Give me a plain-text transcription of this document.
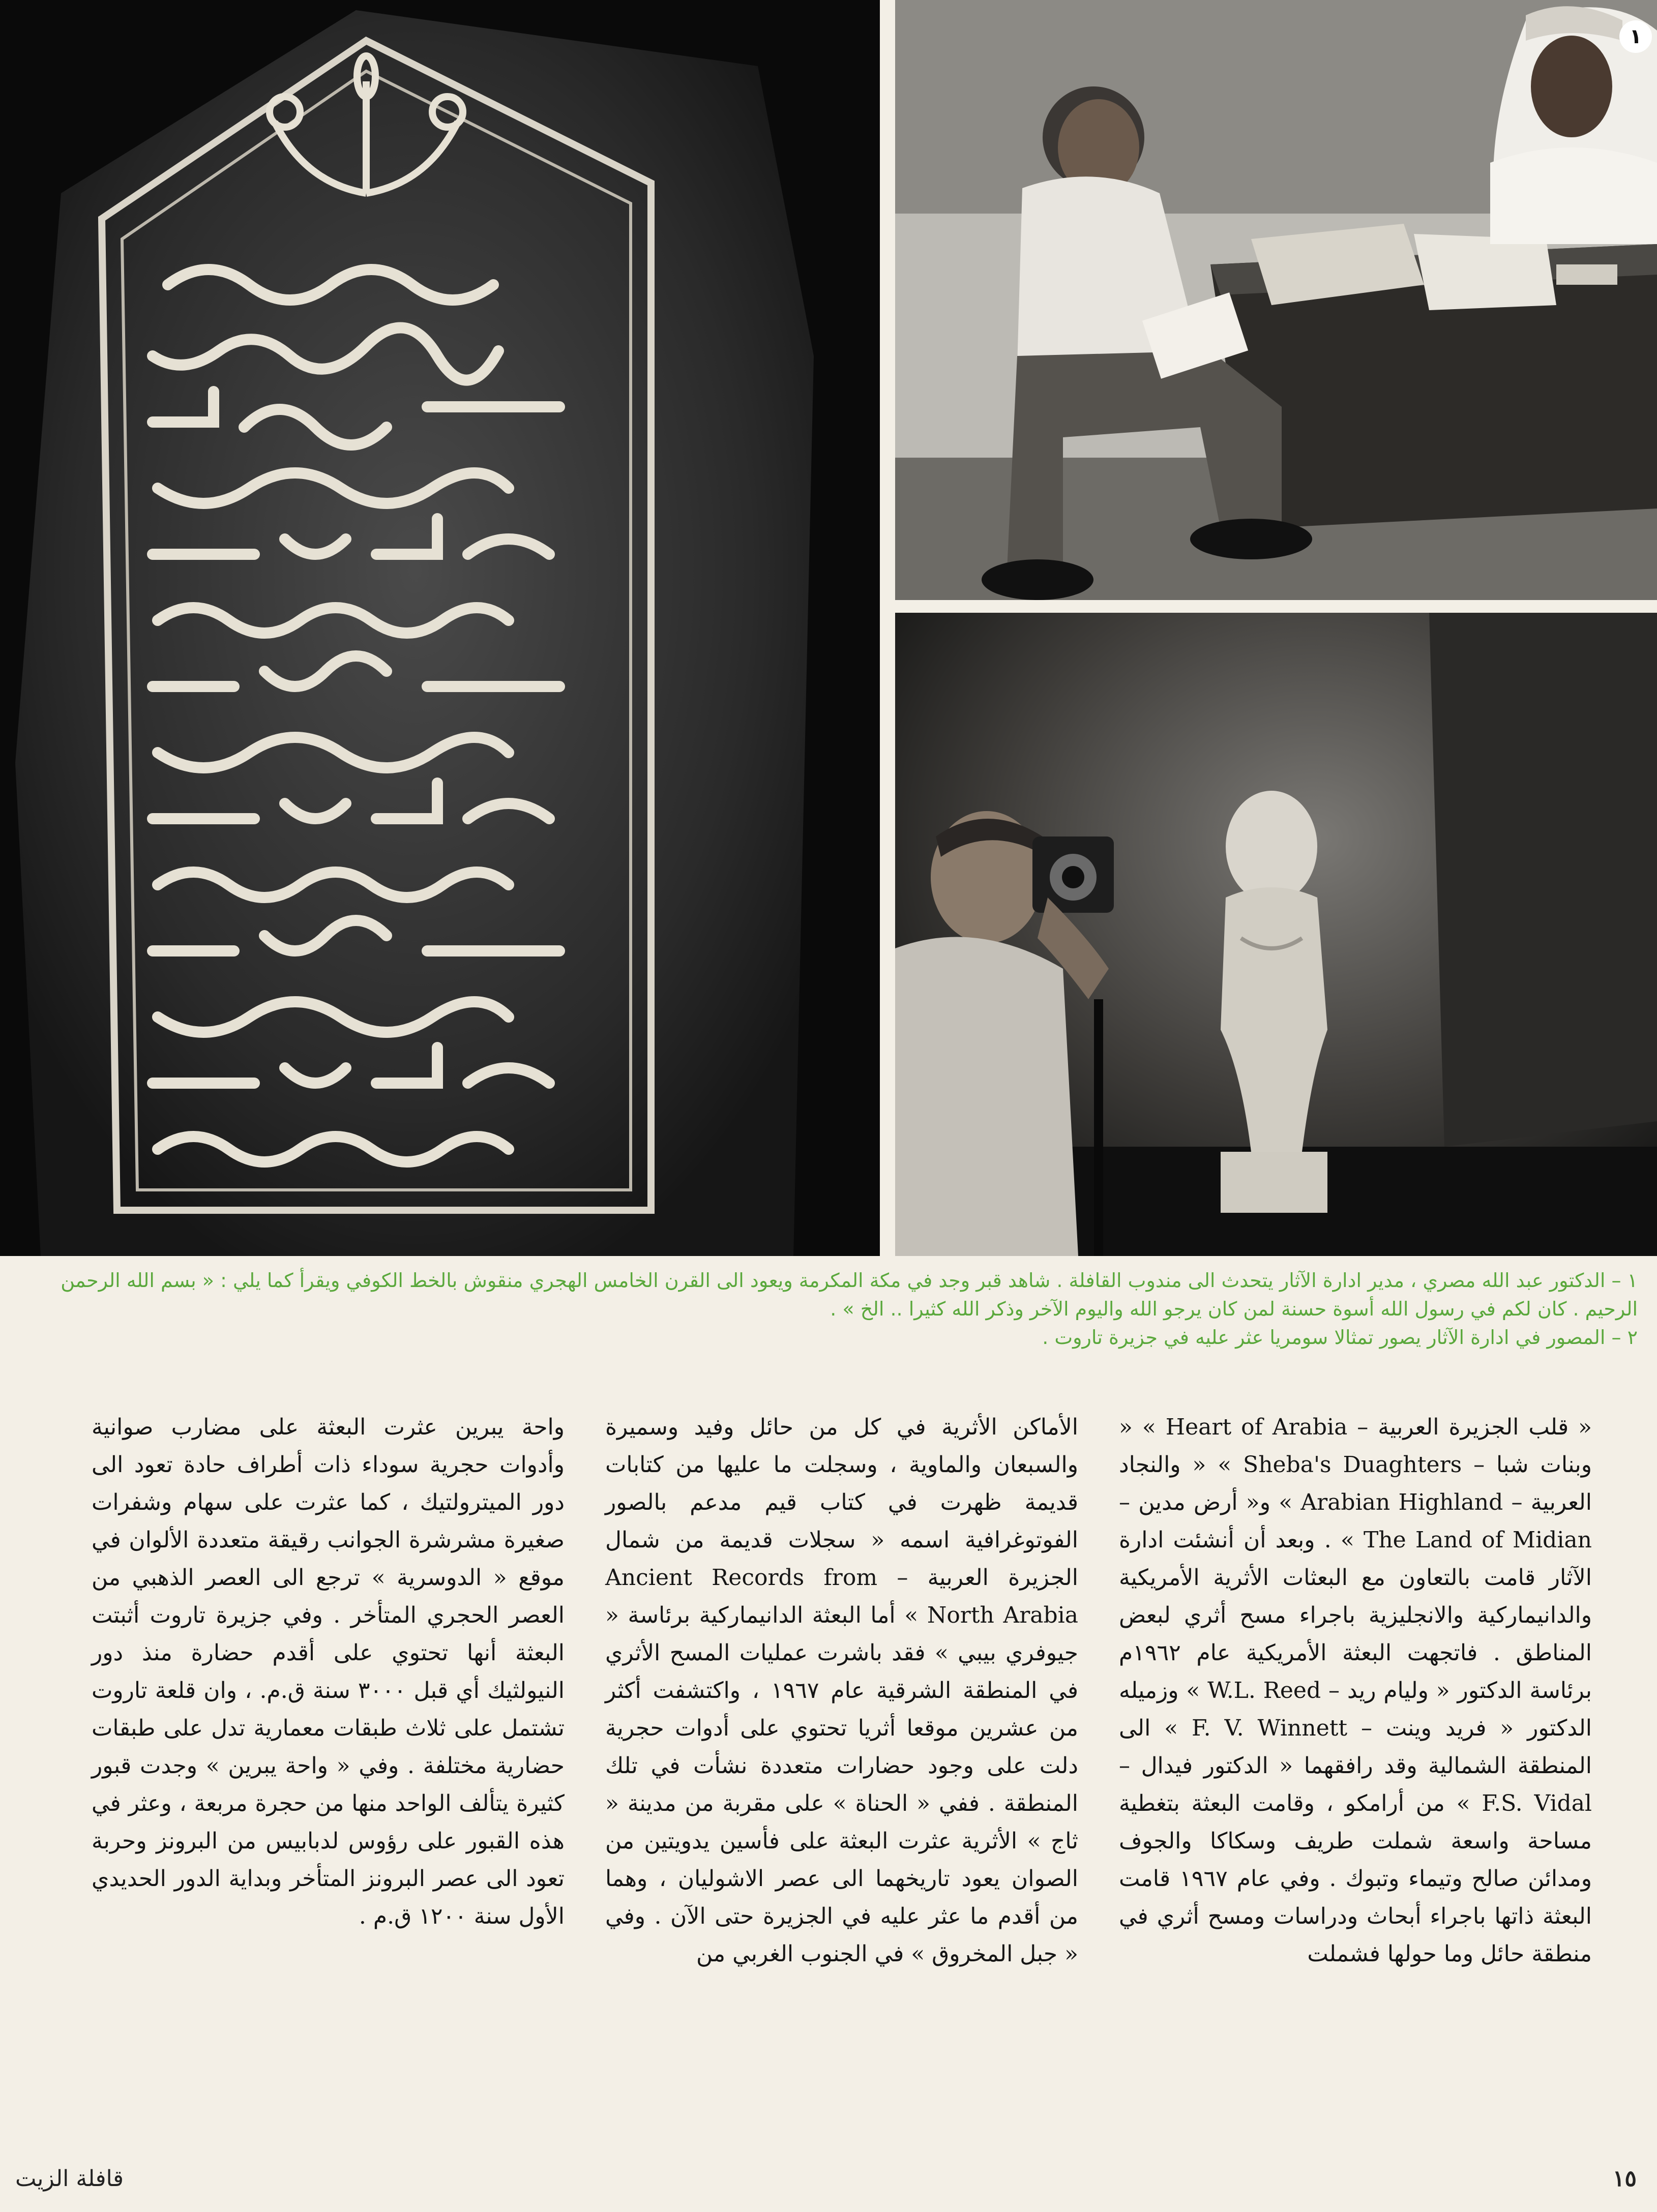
١

١ – الدكتور عبد الله مصري ، مدير ادارة الآثار يتحدث الى مندوب القافلة . شاهد قبر وجد في مكة المكرمة ويعود الى القرن الخامس الهجري منقوش بالخط الكوفي ويقرأ كما يلي : « بسم الله الرحمن الرحيم . كان لكم في رسول الله أسوة حسنة لمن كان يرجو الله واليوم الآخر وذكر الله كثيرا .. الخ » .

٢ – المصور في ادارة الآثار يصور تمثالا سومريا عثر عليه في جزيرة تاروت .

« قلب الجزيرة العربية – Heart of Arabia » « وبنات شبا – Sheba's Duaghters » « والنجاد العربية – Arabian Highland » و« أرض مدين – The Land of Midian » . وبعد أن أنشئت ادارة الآثار قامت بالتعاون مع البعثات الأثرية الأمريكية والدانيماركية والانجليزية باجراء مسح أثري لبعض المناطق . فاتجهت البعثة الأمريكية عام ١٩٦٢م برئاسة الدكتور « وليام ريد – W.L. Reed » وزميله الدكتور « فريد وينت – F. V. Winnett » الى المنطقة الشمالية وقد رافقهما « الدكتور فيدال – F.S. Vidal » من أرامكو ، وقامت البعثة بتغطية مساحة واسعة شملت طريف وسكاكا والجوف ومدائن صالح وتيماء وتبوك . وفي عام ١٩٦٧ قامت البعثة ذاتها باجراء أبحاث ودراسات ومسح أثري في منطقة حائل وما حولها فشملت

الأماكن الأثرية في كل من حائل وفيد وسميرة والسبعان والماوية ، وسجلت ما عليها من كتابات قديمة ظهرت في كتاب قيم مدعم بالصور الفوتوغرافية اسمه « سجلات قديمة من شمال الجزيرة العربية – Ancient Records from North Arabia » أما البعثة الدانيماركية برئاسة « جيوفري بيبي » فقد باشرت عمليات المسح الأثري في المنطقة الشرقية عام ١٩٦٧ ، واكتشفت أكثر من عشرين موقعا أثريا تحتوي على أدوات حجرية دلت على وجود حضارات متعددة نشأت في تلك المنطقة . ففي « الحناة » على مقربة من مدينة « ثاج » الأثرية عثرت البعثة على فأسين يدويتين من الصوان يعود تاريخهما الى عصر الاشوليان ، وهما من أقدم ما عثر عليه في الجزيرة حتى الآن . وفي « جبل المخروق » في الجنوب الغربي من

واحة يبرين عثرت البعثة على مضارب صوانية وأدوات حجرية سوداء ذات أطراف حادة تعود الى دور الميترولتيك ، كما عثرت على سهام وشفرات صغيرة مشرشرة الجوانب رقيقة متعددة الألوان في موقع « الدوسرية » ترجع الى العصر الذهبي من العصر الحجري المتأخر . وفي جزيرة تاروت أثبتت البعثة أنها تحتوي على أقدم حضارة منذ دور النيولثيك أي قبل ٣٠٠٠ سنة ق.م. ، وان قلعة تاروت تشتمل على ثلاث طبقات معمارية تدل على طبقات حضارية مختلفة . وفي « واحة يبرين » وجدت قبور كثيرة يتألف الواحد منها من حجرة مربعة ، وعثر في هذه القبور على رؤوس لدبابيس من البرونز وحربة تعود الى عصر البرونز المتأخر وبداية الدور الحديدي الأول سنة ١٢٠٠ ق.م .

١٥
قافلة الزيت
